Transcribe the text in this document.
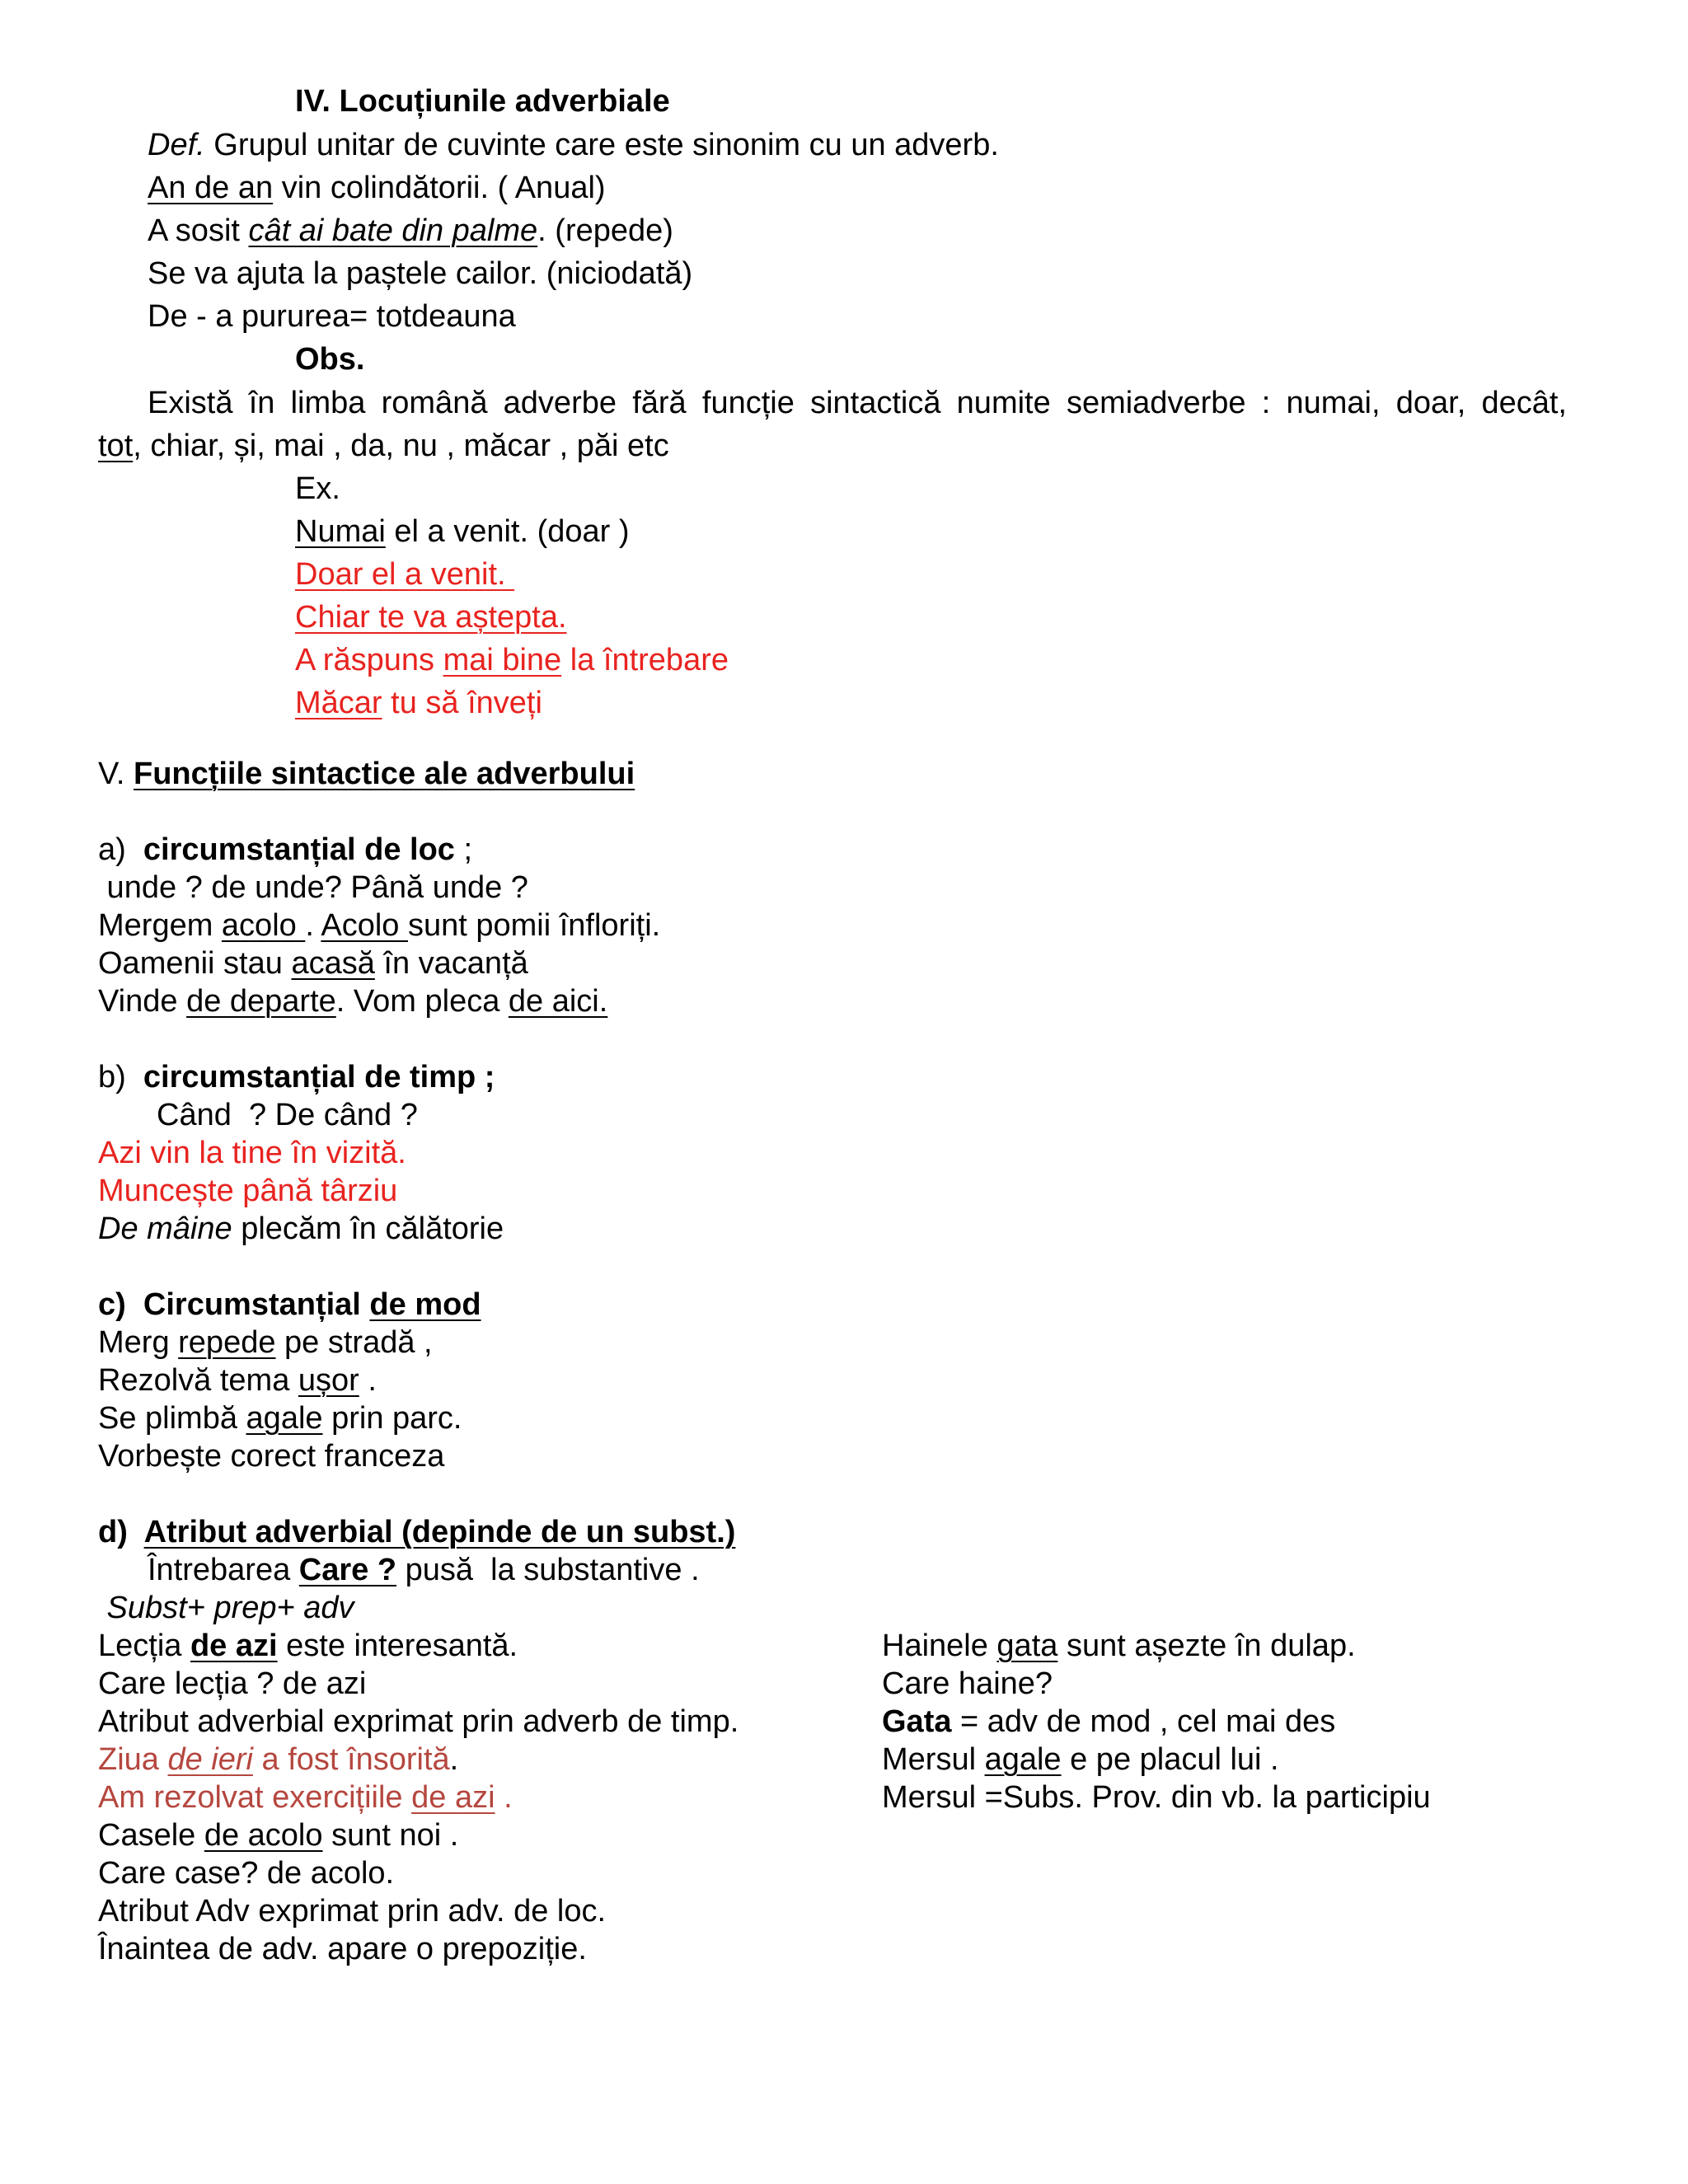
IV. Locuțiunile adverbiale
Def. Grupul unitar de cuvinte care este sinonim cu un adverb.
An de an vin colindătorii. ( Anual)
A sosit cât ai bate din palme. (repede)
Se va ajuta la paștele cailor. (niciodată)
De - a pururea= totdeauna
Obs.
Există în limba română adverbe fără funcție sintactică numite semiadverbe : numai, doar, decât,
tot, chiar, și, mai , da, nu , măcar , păi etc
Ex.
Numai el a venit. (doar )
Doar el a venit.
Chiar te va aștepta.
A răspuns mai bine la întrebare
Măcar tu să înveți
V. Funcțiile sintactice ale adverbului
a)  circumstanțial de loc ;
unde ? de unde? Până unde ?
Mergem acolo . Acolo sunt pomii înfloriți.
Oamenii stau acasă în vacanță
Vinde de departe. Vom pleca de aici.
b)  circumstanțial de timp ;
Când  ? De când ?
Azi vin la tine în vizită.
Muncește până târziu
De mâine plecăm în călătorie
c)  Circumstanțial de mod
Merg repede pe stradă ,
Rezolvă tema ușor .
Se plimbă agale prin parc.
Vorbește corect franceza
d)  Atribut adverbial (depinde de un subst.)
Întrebarea Care ? pusă  la substantive .
Subst+ prep+ adv
Lecția de azi este interesantă.
Care lecția ? de azi
Atribut adverbial exprimat prin adverb de timp.
Ziua de ieri a fost însorită.
Am rezolvat exercițiile de azi .
Casele de acolo sunt noi .
Care case? de acolo.
Atribut Adv exprimat prin adv. de loc.
Înaintea de adv. apare o prepoziție.
Hainele gata sunt așezte în dulap.
Care haine?
Gata = adv de mod , cel mai des
Mersul agale e pe placul lui .
Mersul =Subs. Prov. din vb. la participiu
